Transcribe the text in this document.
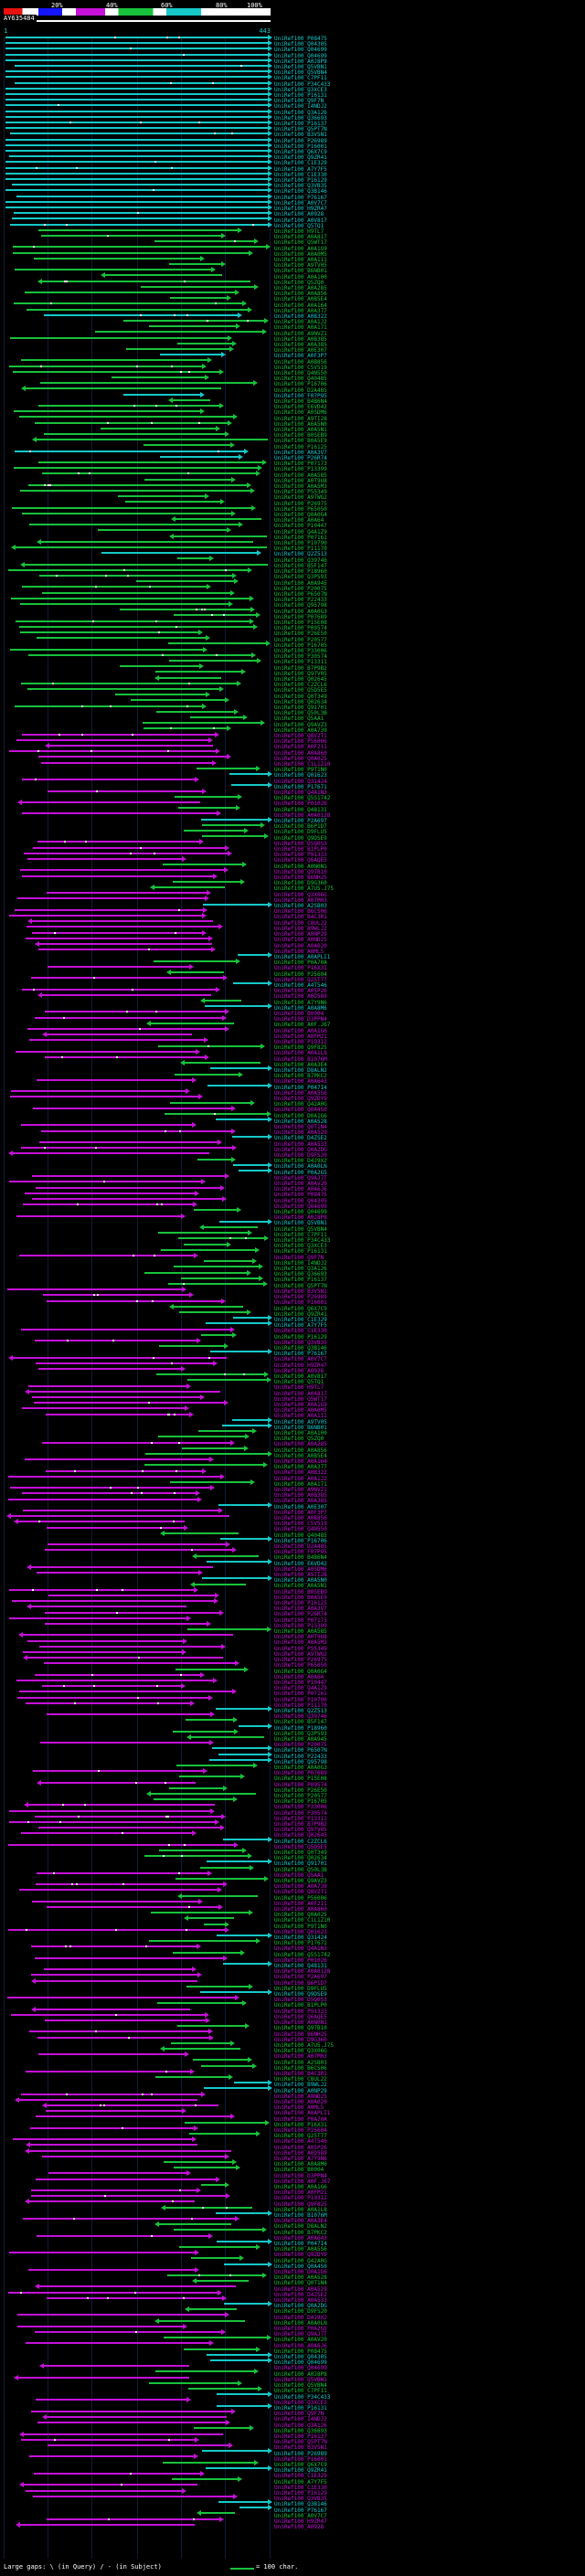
20%	40%	60%	80%	100%
AY635484
1	443
UniRef100_P08475
UniRef100_Q04305
UniRef100_Q04699
UniRef100_Q04699
UniRef100_A0J8P8
UniRef100_Q5VBN1
UniRef100_Q5VBN4
UniRef100_C7PF11
UniRef100_P34C433
UniRef100_Q3XCE3
UniRef100_P16131
UniRef100_Q9F7N
UniRef100_I4NDJ2
UniRef100_Q3A126
UniRef100_Q36693
UniRef100_P16137
UniRef100_Q5PT7N
UniRef100_B3V5N1
UniRef100_P26989
UniRef100_P16001
UniRef100_Q6X7C9
UniRef100_Q9ZR41
UniRef100_C1E329
UniRef100_A7Y7F5
UniRef100_C1E330
UniRef100_P16129
UniRef100_Q3VB35
UniRef100_Q3B146
UniRef100_P76167
UniRef100_A0V7C7
UniRef100_H9ZR47
UniRef100_A0928
UniRef100_A0V817
UniRef100_Q5TQ1
UniRef100_H9TL7
UniRef100_A0A817
UniRef100_Q5WT17
UniRef100_A0A1G9
UniRef100_A0A0M5
UniRef100_A0A111
UniRef100_A9TV05
UniRef100_B6NB01
UniRef100_A0A100
UniRef100_Q5ZQ0
UniRef100_A0A285
UniRef100_A0A856
UniRef100_A0B5E4
UniRef100_A0A164
UniRef100_A0A377
UniRef100_A0B322
UniRef100_A0A1J2
UniRef100_A0A171
UniRef100_A9NVZ1
UniRef100_A0B385
UniRef100_A0A385
UniRef100_A0E307
UniRef100_A0F3P7
UniRef100_A0B856
UniRef100_C5V519
UniRef100_Q4N550
UniRef100_Q40485
UniRef100_P16706
UniRef100_D2A485
UniRef100_F07P95
UniRef100_B4B6N4
UniRef100_E6VD42
UniRef100_A0SDM6
UniRef100_A9TI28
UniRef100_A0A5N0
UniRef100_A0A5N1
UniRef100_B0SEB9
UniRef100_B0A5E9
UniRef100_P16125
UniRef100_A0A3V7
UniRef100_P26R74
UniRef100_P07173
UniRef100_P13399
UniRef100_A0A585
UniRef100_A0T9U8
UniRef100_A0A5M3
UniRef100_P55349
UniRef100_A9TWG2
UniRef100_P26975
UniRef100_P65050
UniRef100_Q0A0G4
UniRef100_A0A64
UniRef100_P10447
UniRef100_Q4A1Z9
UniRef100_P07161
UniRef100_P10790
UniRef100_P11170
UniRef100_Q2Z513
UniRef100_Q39746
UniRef100_B5F147
UniRef100_P18960
UniRef100_Q3P593
UniRef100_A0A945
UniRef100_P20075
UniRef100_P6507N
UniRef100_P22433
UniRef100_Q95798
UniRef100_A0A0G3
UniRef100_P07689
UniRef100_P15E08
UniRef100_P09574
UniRef100_P26E50
UniRef100_P20577
UniRef100_P16705
UniRef100_P33006
UniRef100_P30574
UniRef100_P13311
UniRef100_B7P9B2
UniRef100_Q97V05
UniRef100_Q02645
UniRef100_C2ZCL6
UniRef100_Q5D5E5
UniRef100_Q0T349
UniRef100_Q02634
UniRef100_Q91701
UniRef100_Q50L3B
UniRef100_Q5AA1
UniRef100_Q9AVZ3
UniRef100_A0A739
UniRef100_Q8V2T1
UniRef100_P56006
UniRef100_A0F211
UniRef100_A0A860
UniRef100_Q0A025
UniRef100_C1L1Z10
UniRef100_P9T1N0
UniRef100_Q01623
UniRef100_Q31424
UniRef100_P17671
UniRef100_Q4A1N3
UniRef100_Q5S1742
UniRef100_P01026
UniRef100_Q48131
UniRef100_A0A0128
UniRef100_P2A697
UniRef100_B6P1D7
UniRef100_D9FLU5
UniRef100_Q9DSE9
UniRef100_D5Q0S3
UniRef100_B1PLP0
UniRef100_P91333
UniRef100_Q6AQE5
UniRef100_A0N0N1
UniRef100_Q97B10
UniRef100_B6NH25
UniRef100_D9G360
UniRef100_A7U5.J75
UniRef100_Q3X06G
UniRef100_A07M03
UniRef100_A2SB03
UniRef100_B6CS06
UniRef100_B4C3R1
UniRef100_C8UL22
UniRef100_B9WLJ2
UniRef100_A0NP29
UniRef100_A0ND25
UniRef100_A0A020
UniRef100_A0ML5
UniRef100_A0APLI1
UniRef100_P0A70A
UniRef100_P16X31
UniRef100_P25604
UniRef100_Q25T77
UniRef100_A4T546
UniRef100_A05P26
UniRef100_A0D589
UniRef100_A7Y9N6
UniRef100_A0A8M6
UniRef100_B0004
UniRef100_D3PPN4
UniRef100_A0F.J67
UniRef100_A0A1G6
UniRef100_A0FM21
UniRef100_P19312
UniRef100_Q9F825
UniRef100_A0A1L8
UniRef100_B1076M
UniRef100_A0A3E4
UniRef100_D8ALN2
UniRef100_B7PKC2
UniRef100_A0A643
UniRef100_P047I4
UniRef100_A0A5S6
UniRef100_Q9ZDY9
UniRef100_Q42A0G
UniRef100_Q0A4S0
UniRef100_D0A1G6
UniRef100_A0A528
UniRef100_Q0T1N4
UniRef100_A0A529
UniRef100_D4ZSE2
UniRef100_A0A533
UniRef100_Q0A2DG
UniRef100_D9FS20
UniRef100_D4J9X2
UniRef100_A0A0LN
UniRef100_P0A2G5
UniRef100_Q9AJ7T
UniRef100_A0AV20
UniRef100_A0A6J6
UniRef100_P08475
UniRef100_Q04305
UniRef100_Q04699
UniRef100_Q04699
UniRef100_A0J8P8
UniRef100_Q5VBN1
UniRef100_Q5VBN4
UniRef100_C7PF11
UniRef100_P34C433
UniRef100_Q3XCE3
UniRef100_P16131
UniRef100_Q9F7N
UniRef100_I4NDJ2
UniRef100_Q3A126
UniRef100_Q36693
UniRef100_P16137
UniRef100_Q5PT7N
UniRef100_B3V5N1
UniRef100_P26989
UniRef100_P16001
UniRef100_Q6X7C9
UniRef100_Q9ZR41
UniRef100_C1E329
UniRef100_A7Y7F5
UniRef100_C1E330
UniRef100_P16129
UniRef100_Q3VB35
UniRef100_Q3B146
UniRef100_P76167
UniRef100_A0V7C7
UniRef100_H9ZR47
UniRef100_A0928
UniRef100_A0V817
UniRef100_Q5TQ1
UniRef100_H9TL7
UniRef100_A0A817
UniRef100_Q5WT17
UniRef100_A0A1G9
UniRef100_A0A0M5
UniRef100_A0A111
UniRef100_A9TV05
UniRef100_B6NB01
UniRef100_A0A100
UniRef100_Q5ZQ0
UniRef100_A0A285
UniRef100_A0A856
UniRef100_A0B5E4
UniRef100_A0A164
UniRef100_A0A377
UniRef100_A0B322
UniRef100_A0A1J2
UniRef100_A0A171
UniRef100_A9NVZ1
UniRef100_A0B385
UniRef100_A0A385
UniRef100_A0E307
UniRef100_A0F3P7
UniRef100_A0B856
UniRef100_C5V519
UniRef100_Q4N550
UniRef100_Q40485
UniRef100_P16706
UniRef100_D2A485
UniRef100_F07P95
UniRef100_B4B6N4
UniRef100_E6VD42
UniRef100_A0SDM6
UniRef100_A9TI28
UniRef100_A0A5N0
UniRef100_A0A5N1
UniRef100_B0SEB9
UniRef100_B0A5E9
UniRef100_P16125
UniRef100_A0A3V7
UniRef100_P26R74
UniRef100_P07173
UniRef100_P13399
UniRef100_A0A585
UniRef100_A0T9U8
UniRef100_A0A5M3
UniRef100_P55349
UniRef100_A9TWG2
UniRef100_P26975
UniRef100_P65050
UniRef100_Q0A0G4
UniRef100_A0A64
UniRef100_P10447
UniRef100_Q4A1Z9
UniRef100_P07161
UniRef100_P10790
UniRef100_P11170
UniRef100_Q2Z513
UniRef100_Q39746
UniRef100_B5F147
UniRef100_P18960
UniRef100_Q3P593
UniRef100_A0A945
UniRef100_P20075
UniRef100_P6507N
UniRef100_P22433
UniRef100_Q95798
UniRef100_A0A0G3
UniRef100_P07689
UniRef100_P15E08
UniRef100_P09574
UniRef100_P26E50
UniRef100_P20577
UniRef100_P16705
UniRef100_P33006
UniRef100_P30574
UniRef100_P13311
UniRef100_B7P9B2
UniRef100_Q97V05
UniRef100_Q02645
UniRef100_C2ZCL6
UniRef100_Q5D5E5
UniRef100_Q0T349
UniRef100_Q02634
UniRef100_Q91701
UniRef100_Q50L3B
UniRef100_Q5AA1
UniRef100_Q9AVZ3
UniRef100_A0A739
UniRef100_Q8V2T1
UniRef100_P56006
UniRef100_A0F211
UniRef100_A0A860
UniRef100_Q0A025
UniRef100_C1L1Z10
UniRef100_P9T1N0
UniRef100_Q01623
UniRef100_Q31424
UniRef100_P17671
UniRef100_Q4A1N3
UniRef100_Q5S1742
UniRef100_P01026
UniRef100_Q48131
UniRef100_A0A0128
UniRef100_P2A697
UniRef100_B6P1D7
UniRef100_D9FLU5
UniRef100_Q9DSE9
UniRef100_D5Q0S3
UniRef100_B1PLP0
UniRef100_P91333
UniRef100_Q6AQE5
UniRef100_A0N0N1
UniRef100_Q97B10
UniRef100_B6NH25
UniRef100_D9G360
UniRef100_A7U5.J75
UniRef100_Q3X06G
UniRef100_A07M03
UniRef100_A2SB03
UniRef100_B6CS06
UniRef100_B4C3R1
UniRef100_C8UL22
UniRef100_B9WLJ2
UniRef100_A0NP29
UniRef100_A0ND25
UniRef100_A0A020
UniRef100_A0ML5
UniRef100_A0APLI1
UniRef100_P0A70A
UniRef100_P16X31
UniRef100_P25604
UniRef100_Q25T77
UniRef100_A4T546
UniRef100_A05P26
UniRef100_A0D589
UniRef100_A7Y9N6
UniRef100_A0A8M6
UniRef100_B0004
UniRef100_D3PPN4
UniRef100_A0F.J67
UniRef100_A0A1G6
UniRef100_A0FM21
UniRef100_P19312
UniRef100_Q9F825
UniRef100_A0A1L8
UniRef100_B1076M
UniRef100_A0A3E4
UniRef100_D8ALN2
UniRef100_B7PKC2
UniRef100_A0A643
UniRef100_P047I4
UniRef100_A0A5S6
UniRef100_Q9ZDY9
UniRef100_Q42A0G
UniRef100_Q0A4S0
UniRef100_D0A1G6
UniRef100_A0A528
UniRef100_Q0T1N4
UniRef100_A0A529
UniRef100_D4ZSE2
UniRef100_A0A533
UniRef100_Q0A2DG
UniRef100_D9FS20
UniRef100_D4J9X2
UniRef100_A0A0LN
UniRef100_P0A2G5
UniRef100_Q9AJ7T
UniRef100_A0AV20
UniRef100_A0A6J6
UniRef100_P08475
UniRef100_Q04305
UniRef100_Q04699
UniRef100_Q04699
UniRef100_A0J8P8
UniRef100_Q5VBN1
UniRef100_Q5VBN4
UniRef100_C7PF11
UniRef100_P34C433
UniRef100_Q3XCE3
UniRef100_P16131
UniRef100_Q9F7N
UniRef100_I4NDJ2
UniRef100_Q3A126
UniRef100_Q36693
UniRef100_P16137
UniRef100_Q5PT7N
UniRef100_B3V5N1
UniRef100_P26989
UniRef100_P16001
UniRef100_Q6X7C9
UniRef100_Q9ZR41
UniRef100_C1E329
UniRef100_A7Y7F5
UniRef100_C1E330
UniRef100_P16129
UniRef100_Q3VB35
UniRef100_Q3B146
UniRef100_P76167
UniRef100_A0V7C7
UniRef100_H9ZR47
UniRef100_A0928
Large gaps: \ (in Query) / - (in Subject)	= 100 char.
